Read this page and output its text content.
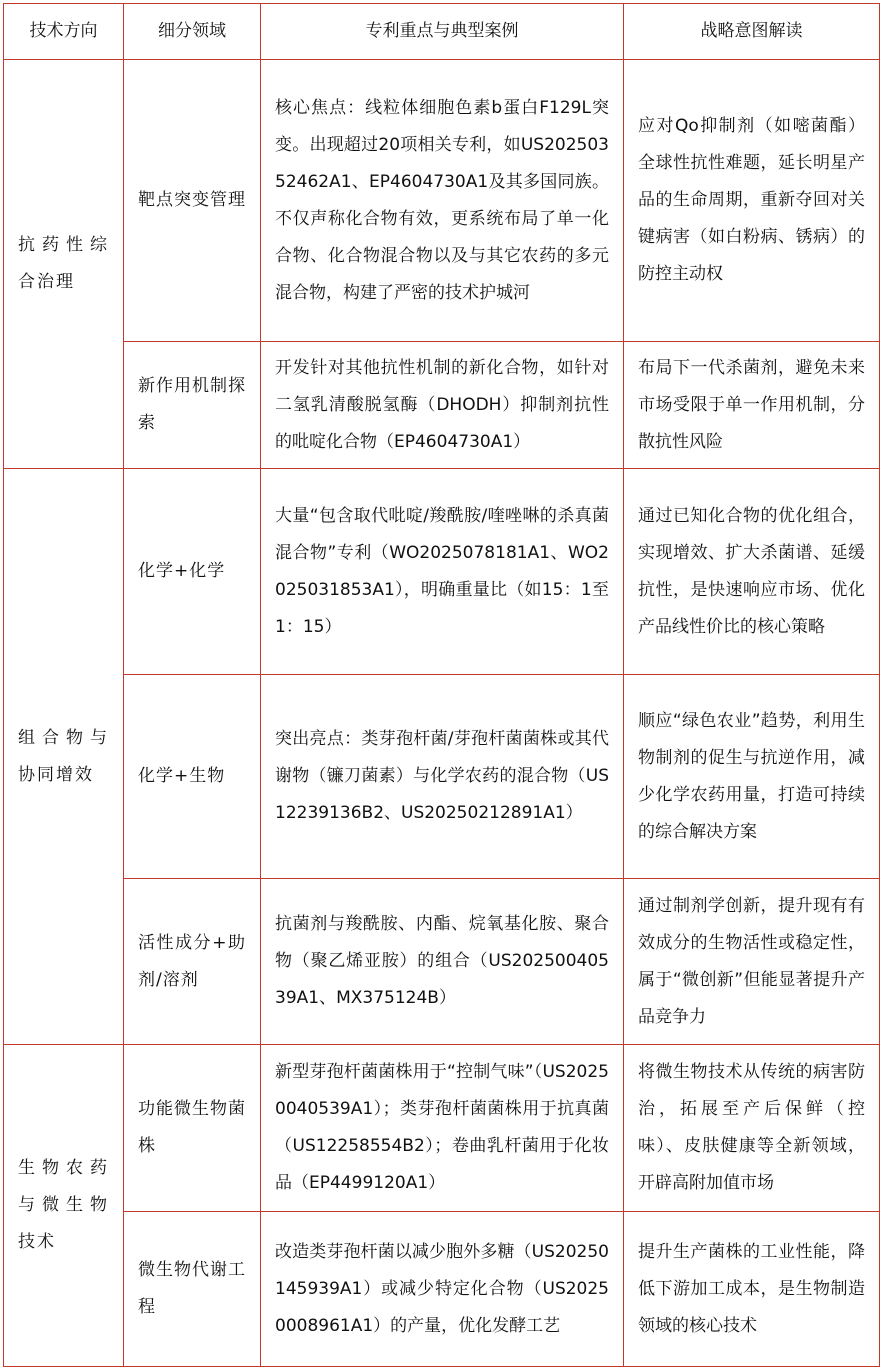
技术方向	细分领域	专利重点与典型案例	战略意图解读
抗药性综合治理	靶点突变管理	核心焦点：线粒体细胞色素b蛋白F129L突变。出现超过20项相关专利，如US20250352462A1、EP4604730A1及其多国同族。不仅声称化合物有效，更系统布局了单一化合物、化合物混合物以及与其它农药的多元混合物，构建了严密的技术护城河	应对Qo抑制剂（如嘧菌酯）全球性抗性难题，延长明星产品的生命周期，重新夺回对关键病害（如白粉病、锈病）的防控主动权
	新作用机制探索	开发针对其他抗性机制的新化合物，如针对二氢乳清酸脱氢酶（DHODH）抑制剂抗性的吡啶化合物（EP4604730A1）	布局下一代杀菌剂，避免未来市场受限于单一作用机制，分散抗性风险
组合物与协同增效	化学+化学	大量“包含取代吡啶/羧酰胺/喹唑啉的杀真菌混合物”专利（WO2025078181A1、WO2025031853A1），明确重量比（如15：1至1：15）	通过已知化合物的优化组合，实现增效、扩大杀菌谱、延缓抗性，是快速响应市场、优化产品线性价比的核心策略
	化学+生物	突出亮点：类芽孢杆菌/芽孢杆菌菌株或其代谢物（镰刀菌素）与化学农药的混合物（US12239136B2、US20250212891A1）	顺应“绿色农业”趋势，利用生物制剂的促生与抗逆作用，减少化学农药用量，打造可持续的综合解决方案
	活性成分+助剂/溶剂	抗菌剂与羧酰胺、内酯、烷氧基化胺、聚合物（聚乙烯亚胺）的组合（US20250040539A1、MX375124B）	通过制剂学创新，提升现有有效成分的生物活性或稳定性，属于“微创新”但能显著提升产品竞争力
生物农药与微生物技术	功能微生物菌株	新型芽孢杆菌菌株用于“控制气味”（US20250040539A1）；类芽孢杆菌菌株用于抗真菌（US12258554B2）；卷曲乳杆菌用于化妆品（EP4499120A1）	将微生物技术从传统的病害防治，拓展至产后保鲜（控味）、皮肤健康等全新领域，开辟高附加值市场
	微生物代谢工程	改造类芽孢杆菌以减少胞外多糖（US20250145939A1）或减少特定化合物（US20250008961A1）的产量，优化发酵工艺	提升生产菌株的工业性能，降低下游加工成本，是生物制造领域的核心技术
